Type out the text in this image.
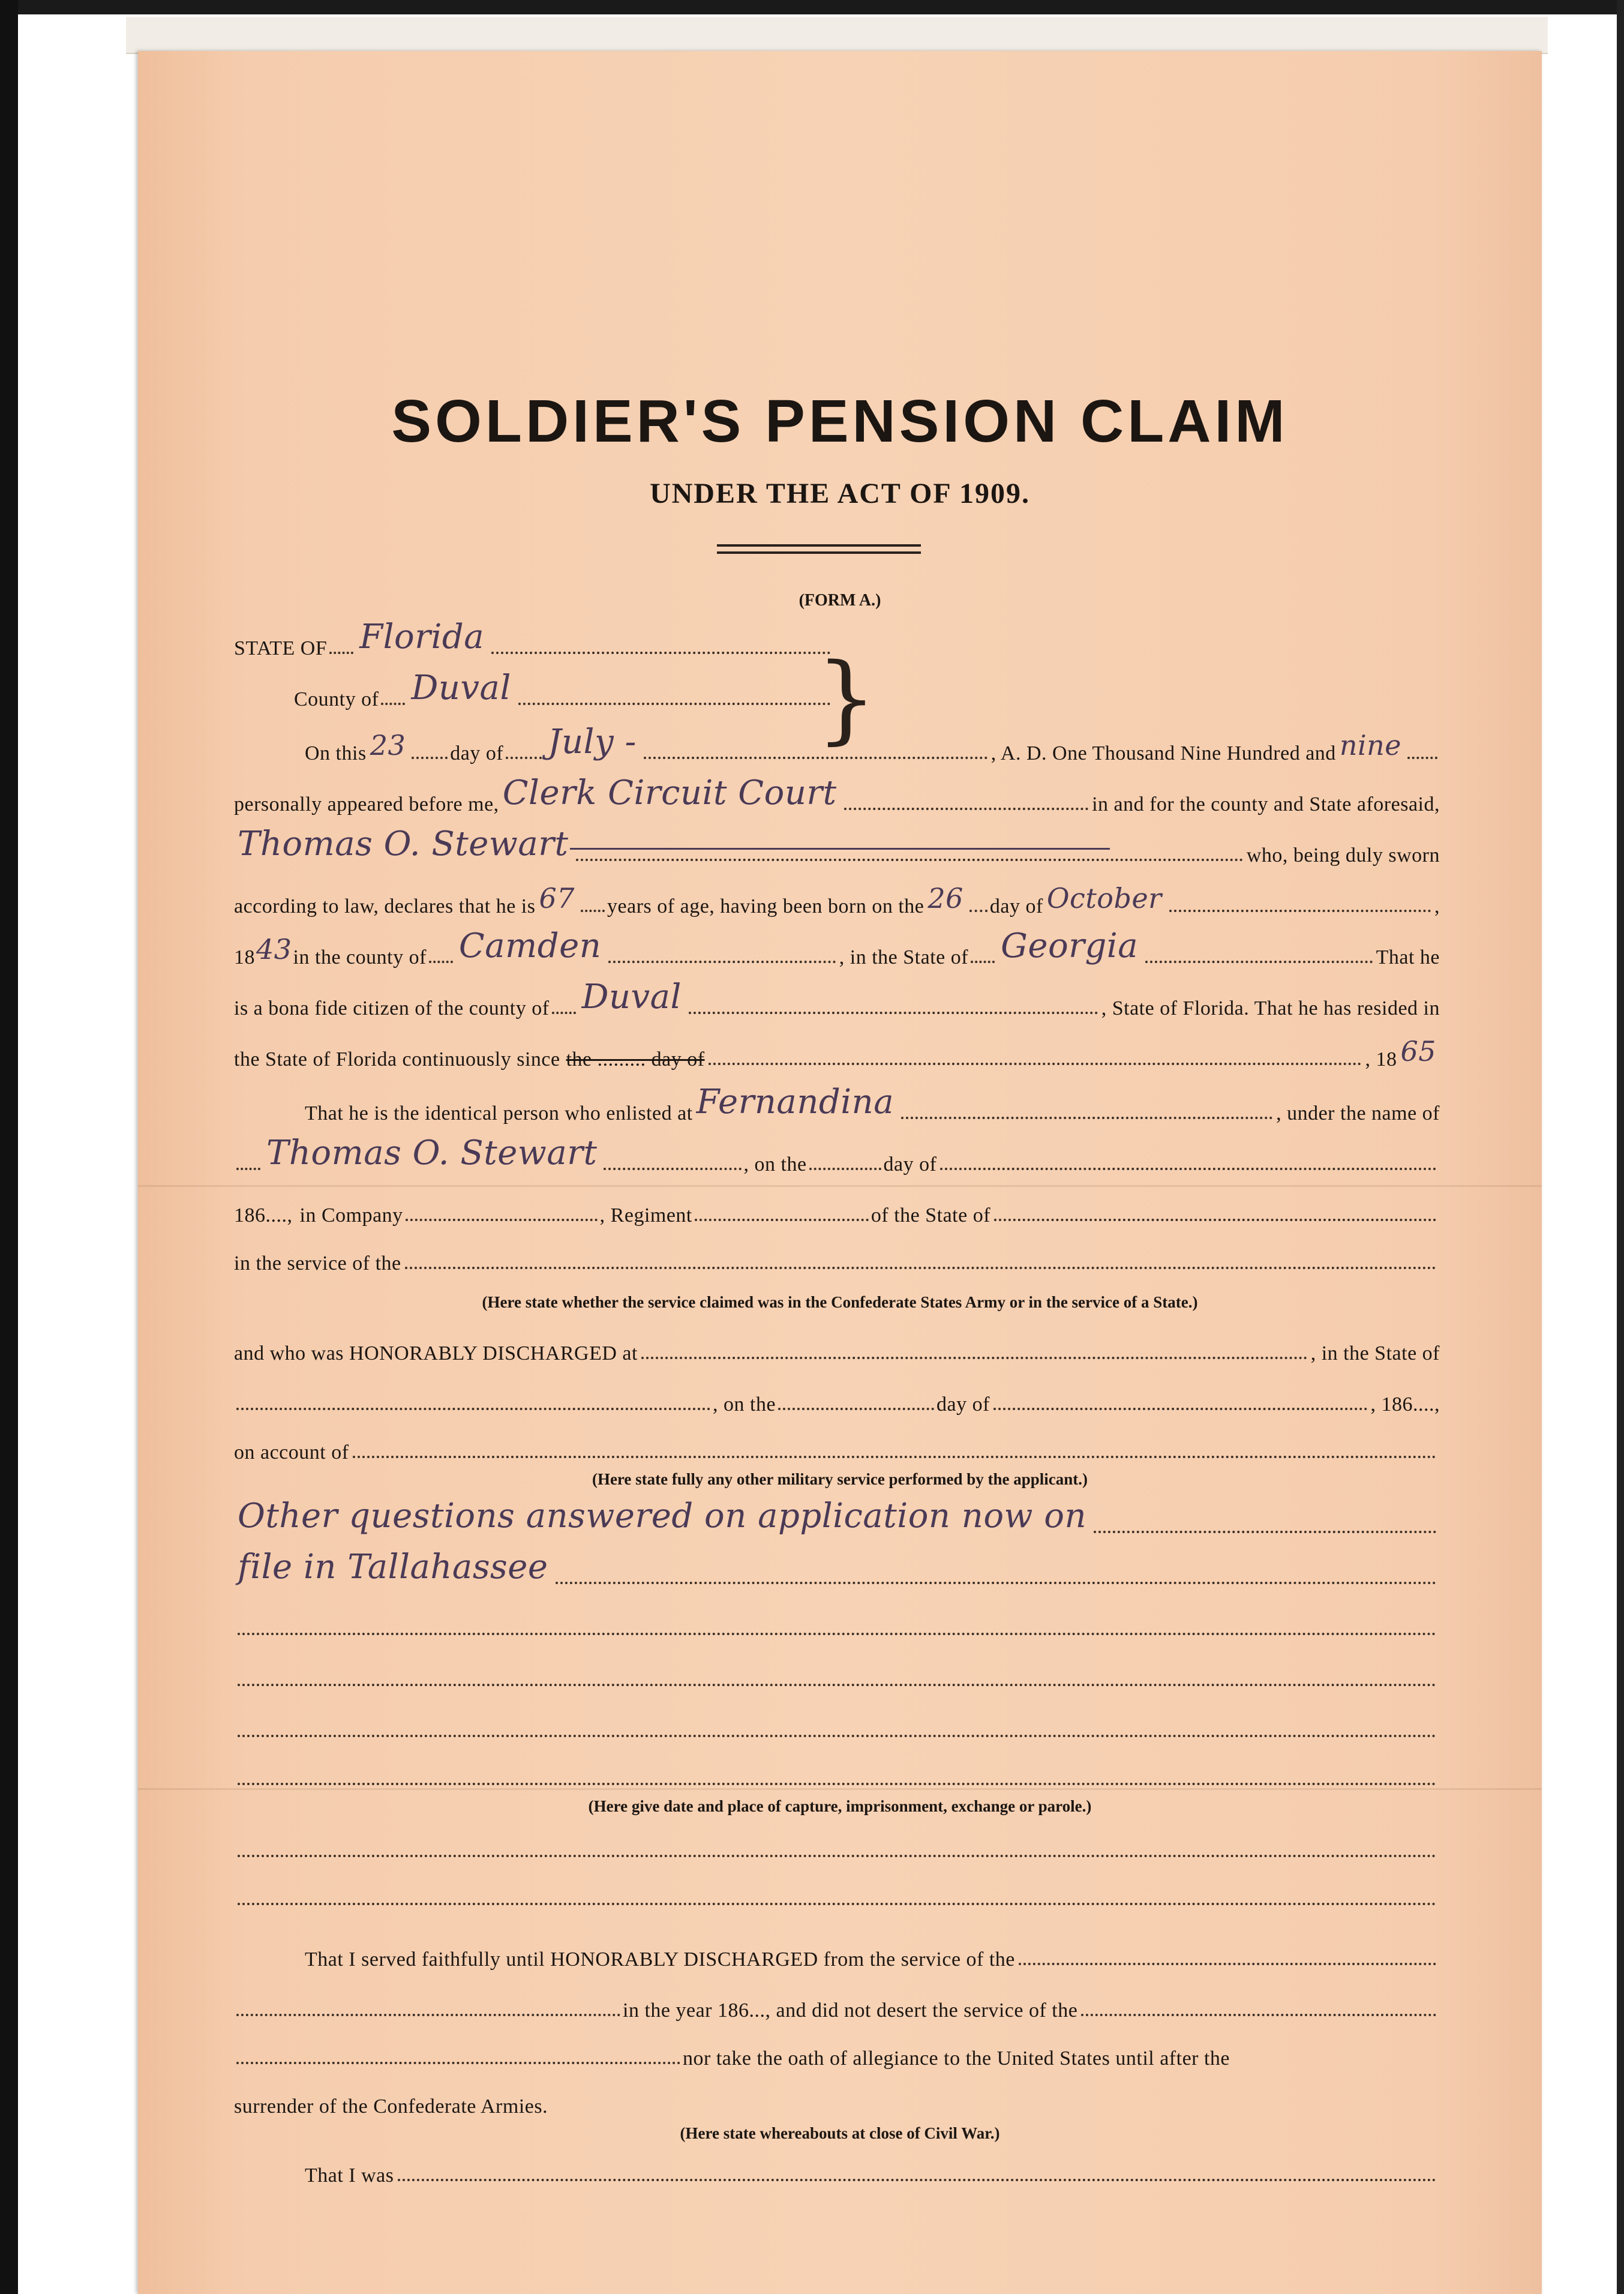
SOLDIER'S PENSION CLAIM
UNDER THE ACT OF 1909.
(FORM A.)
STATE OF Florida
County of Duval	}
On this 23 day of July -	, A. D. One Thousand Nine Hundred and nine
personally appeared before me, Clerk Circuit Court	in and for the county and State aforesaid,
Thomas O. Stewart	who, being duly sworn
according to law, declares that he is 67 years of age, having been born on the 26 day of October	,
18 43 in the county of Camden	, in the State of Georgia	That he
is a bona fide citizen of the county of Duval	, State of Florida. That he has resided in
the State of Florida continuously since the ......... day of	, 18 65
That he is the identical person who enlisted at Fernandina	, under the name of
Thomas O. Stewart	, on the	day of
186...., in Company	, Regiment	of the State of
in the service of the
(Here state whether the service claimed was in the Confederate States Army or in the service of a State.)
and who was HONORABLY DISCHARGED at	, in the State of
, on the	day of	, 186....,
on account of
(Here state fully any other military service performed by the applicant.)
Other questions answered on application now on
file in Tallahassee
(Here give date and place of capture, imprisonment, exchange or parole.)
That I served faithfully until HONORABLY DISCHARGED from the service of the
in the year 186..., and did not desert the service of the
nor take the oath of allegiance to the United States until after the
surrender of the Confederate Armies.
(Here state whereabouts at close of Civil War.)
That I was
